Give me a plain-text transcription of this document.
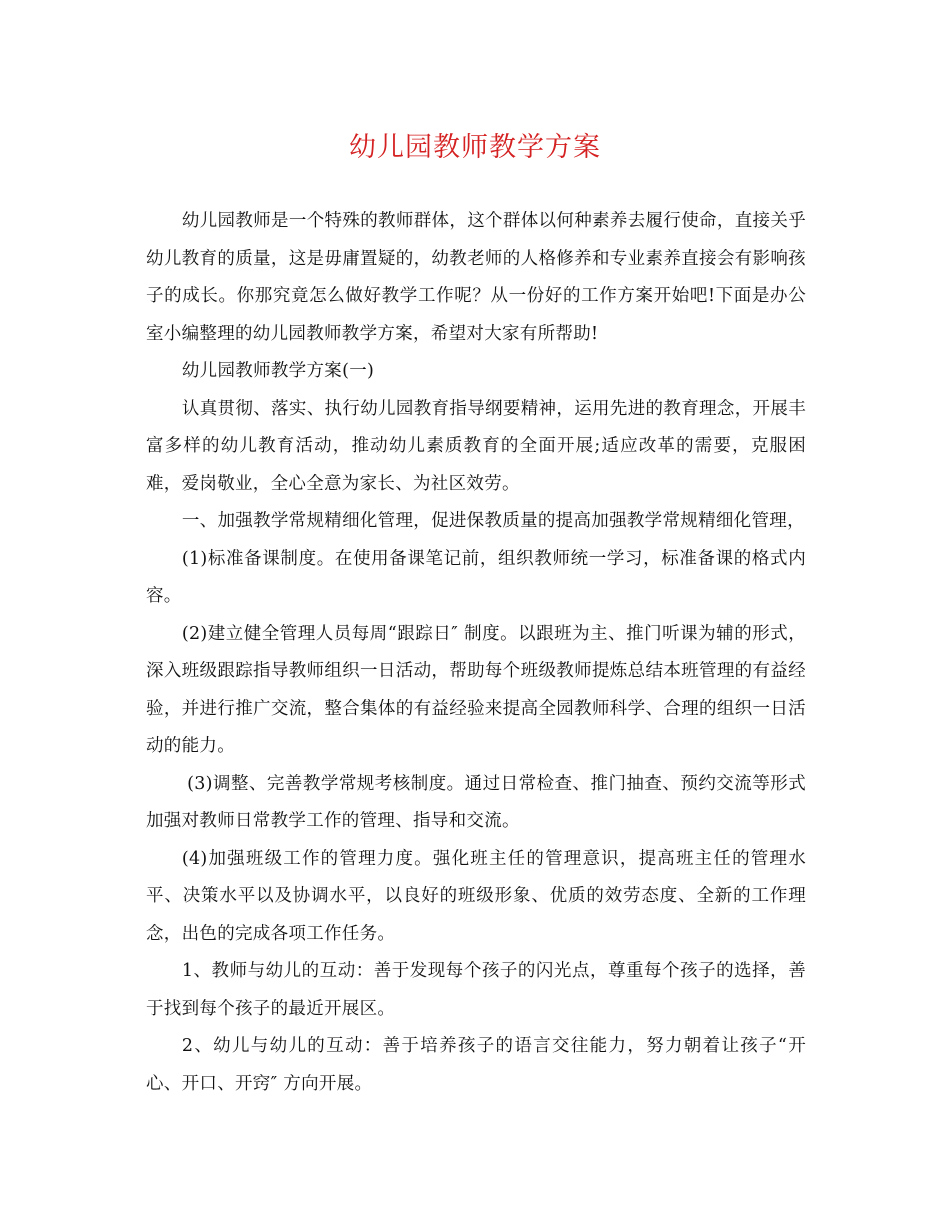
幼儿园教师教学方案

幼儿园教师是一个特殊的教师群体，这个群体以何种素养去履行使命，直接关乎幼儿教育的质量，这是毋庸置疑的，幼教老师的人格修养和专业素养直接会有影响孩子的成长。你那究竟怎么做好教学工作呢？从一份好的工作方案开始吧!下面是办公室小编整理的幼儿园教师教学方案，希望对大家有所帮助!

幼儿园教师教学方案(一)

认真贯彻、落实、执行幼儿园教育指导纲要精神，运用先进的教育理念，开展丰富多样的幼儿教育活动，推动幼儿素质教育的全面开展;适应改革的需要，克服困难，爱岗敬业，全心全意为家长、为社区效劳。

一、加强教学常规精细化管理，促进保教质量的提高加强教学常规精细化管理，

(1)标准备课制度。在使用备课笔记前，组织教师统一学习，标准备课的格式内容。

(2)建立健全管理人员每周“跟踪日″ 制度。以跟班为主、推门听课为辅的形式，深入班级跟踪指导教师组织一日活动，帮助每个班级教师提炼总结本班管理的有益经验，并进行推广交流，整合集体的有益经验来提高全园教师科学、合理的组织一日活动的能力。

(3)调整、完善教学常规考核制度。通过日常检查、推门抽查、预约交流等形式加强对教师日常教学工作的管理、指导和交流。

(4)加强班级工作的管理力度。强化班主任的管理意识，提高班主任的管理水平、决策水平以及协调水平，以良好的班级形象、优质的效劳态度、全新的工作理念，出色的完成各项工作任务。

1、教师与幼儿的互动：善于发现每个孩子的闪光点，尊重每个孩子的选择，善于找到每个孩子的最近开展区。

2、幼儿与幼儿的互动：善于培养孩子的语言交往能力，努力朝着让孩子“开心、开口、开窍″ 方向开展。
